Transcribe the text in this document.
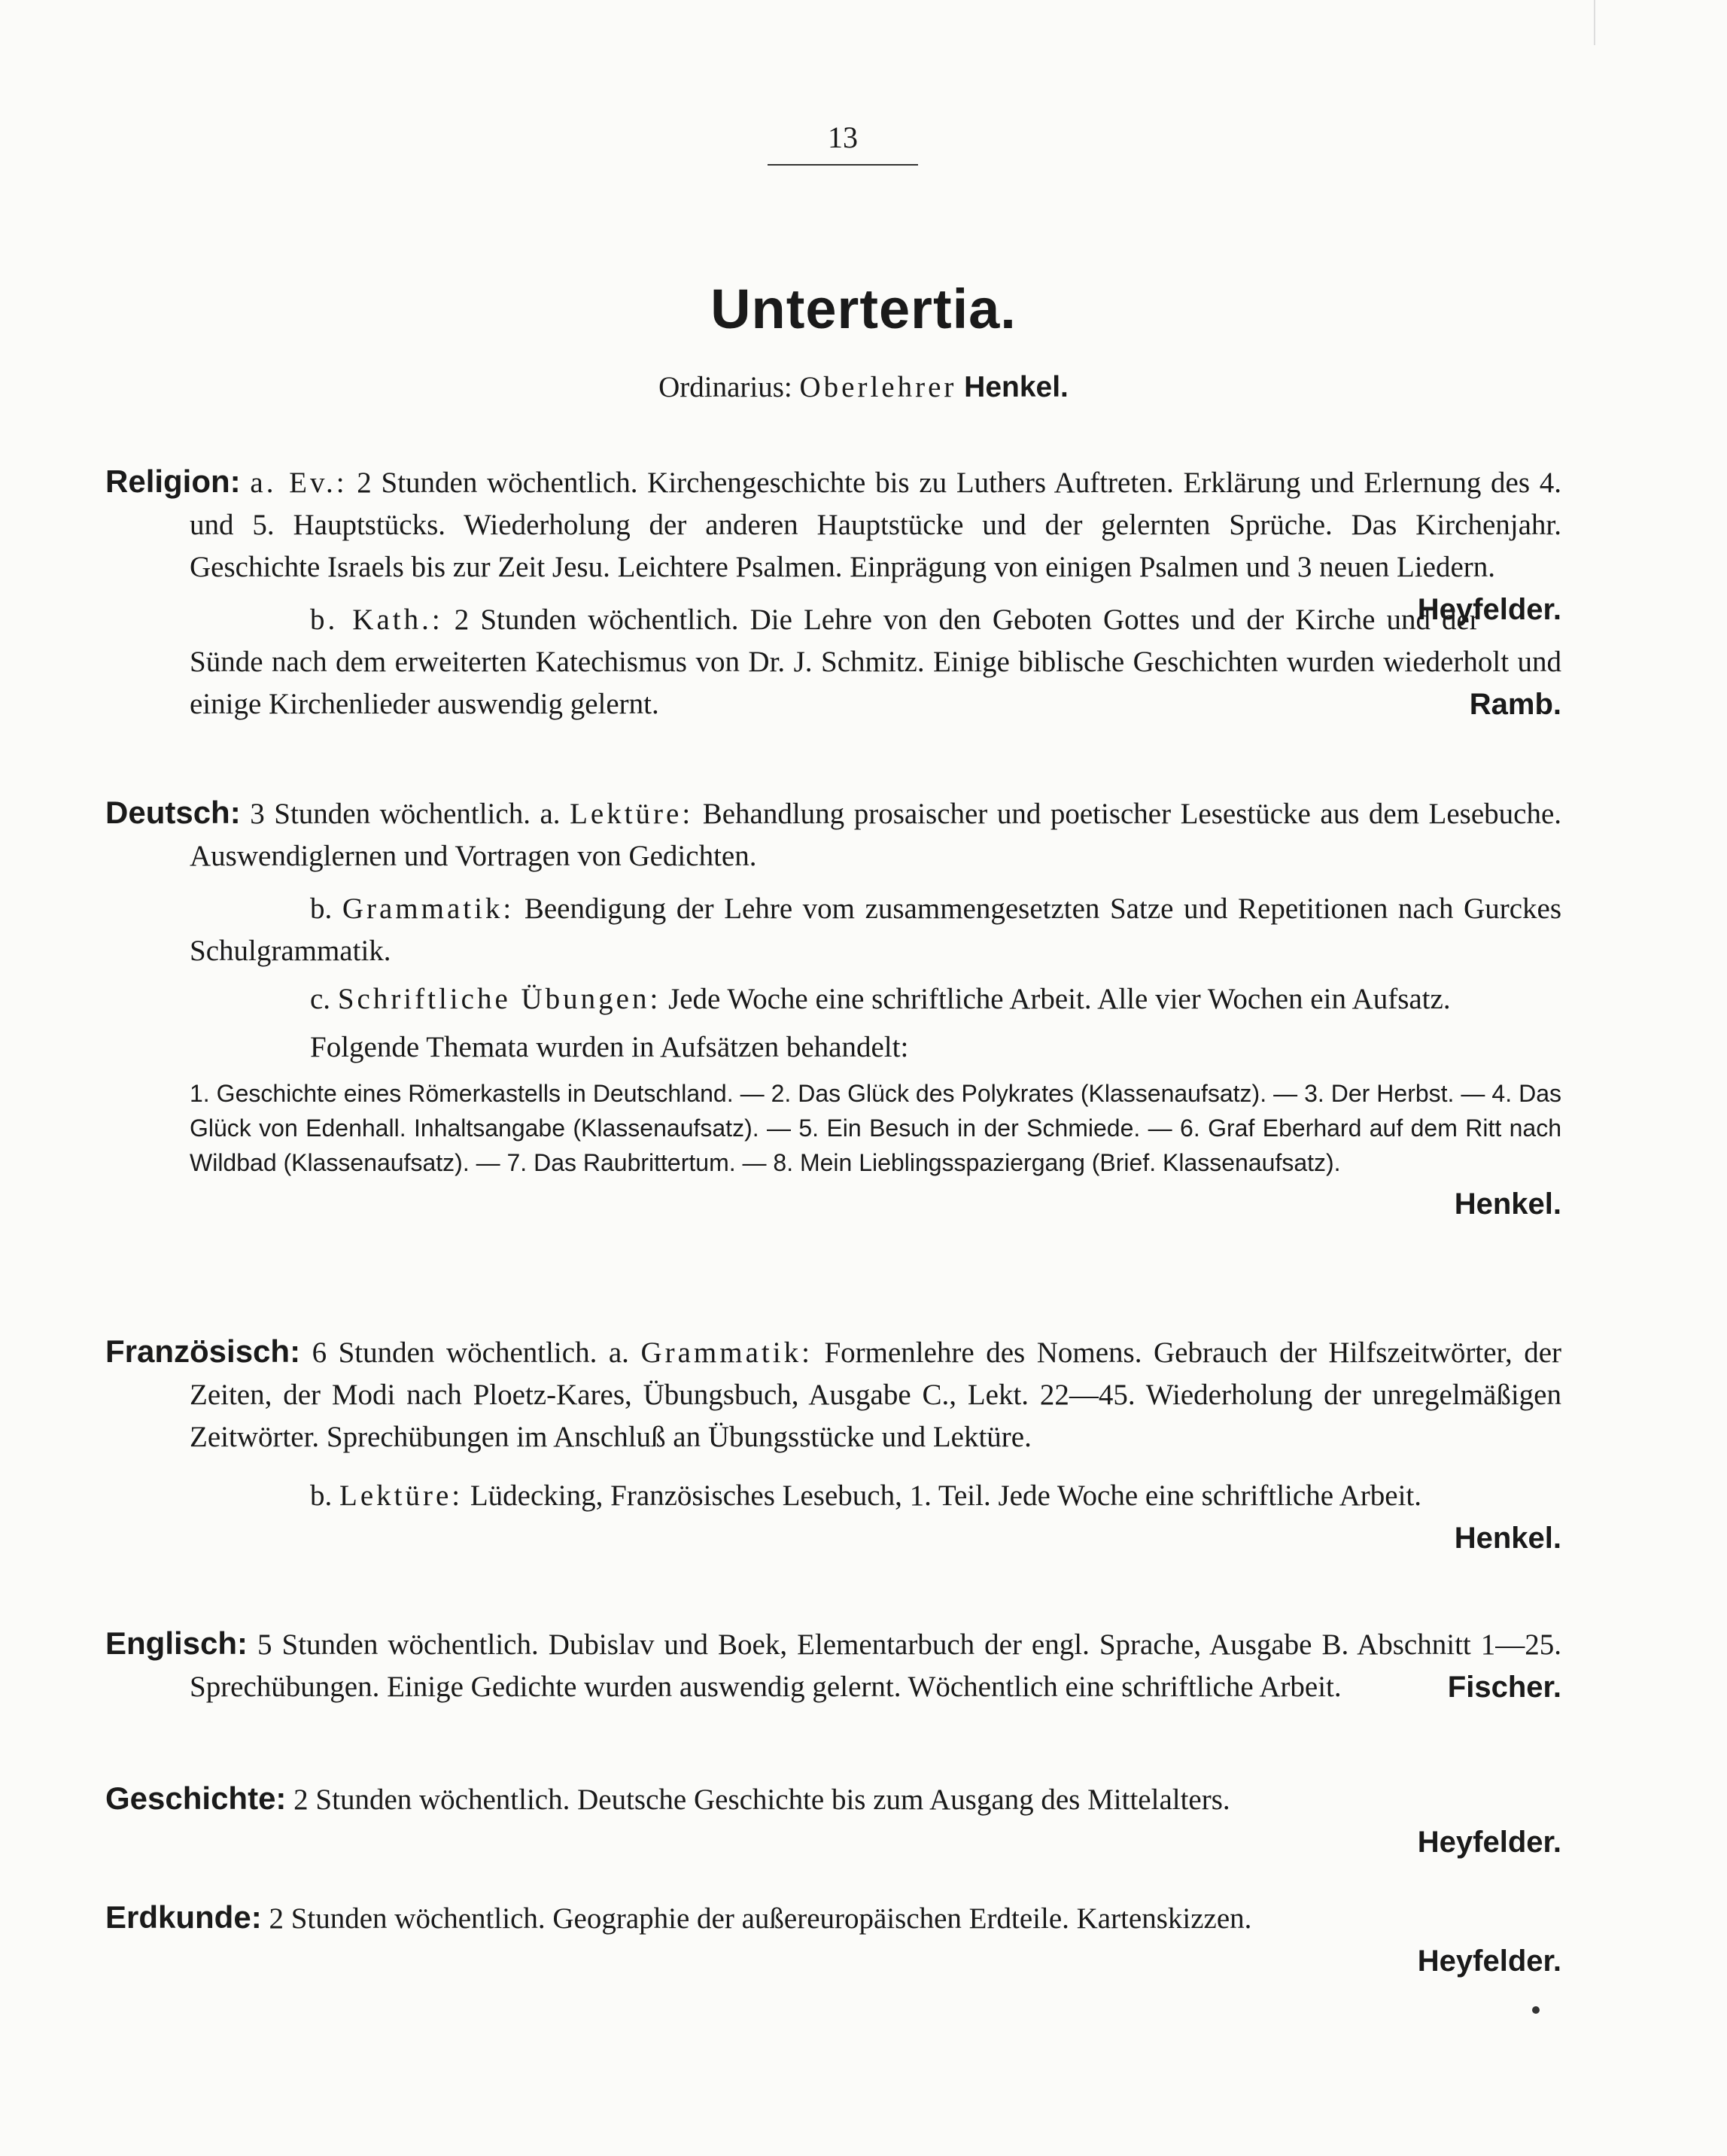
13
Untertertia.
Ordinarius: Oberlehrer Henkel.

Religion: a. Ev.: 2 Stunden wöchentlich. Kirchengeschichte bis zu Luthers Auftreten. Erklärung und Erlernung des 4. und 5. Hauptstücks. Wiederholung der anderen Hauptstücke und der gelernten Sprüche. Das Kirchenjahr. Geschichte Israels bis zur Zeit Jesu. Leichtere Psalmen. Einprägung von einigen Psalmen und 3 neuen Liedern.
Heyfelder.

b. Kath.: 2 Stunden wöchentlich. Die Lehre von den Geboten Gottes und der Kirche und der Sünde nach dem erweiterten Katechismus von Dr. J. Schmitz. Einige biblische Geschichten wurden wiederholt und einige Kirchenlieder auswendig gelernt.	Ramb.

Deutsch: 3 Stunden wöchentlich. a. Lektüre: Behandlung prosaischer und poetischer Lesestücke aus dem Lesebuche. Auswendiglernen und Vortragen von Gedichten.

b. Grammatik: Beendigung der Lehre vom zusammengesetzten Satze und Repetitionen nach Gurckes Schulgrammatik.

c. Schriftliche Übungen: Jede Woche eine schriftliche Arbeit. Alle vier Wochen ein Aufsatz.

Folgende Themata wurden in Aufsätzen behandelt:

1. Geschichte eines Römerkastells in Deutschland. — 2. Das Glück des Polykrates (Klassenaufsatz). — 3. Der Herbst. — 4. Das Glück von Edenhall. Inhaltsangabe (Klassenaufsatz). — 5. Ein Besuch in der Schmiede. — 6. Graf Eberhard auf dem Ritt nach Wildbad (Klassenaufsatz). — 7. Das Raubrittertum. — 8. Mein Lieblingsspaziergang (Brief. Klassenaufsatz).

Henkel.

Französisch: 6 Stunden wöchentlich. a. Grammatik: Formenlehre des Nomens. Gebrauch der Hilfszeitwörter, der Zeiten, der Modi nach Ploetz-Kares, Übungsbuch, Ausgabe C., Lekt. 22—45. Wiederholung der unregelmäßigen Zeitwörter. Sprechübungen im Anschluß an Übungsstücke und Lektüre.

b. Lektüre: Lüdecking, Französisches Lesebuch, 1. Teil. Jede Woche eine schriftliche Arbeit.
Henkel.

Englisch: 5 Stunden wöchentlich. Dubislav und Boek, Elementarbuch der engl. Sprache, Ausgabe B. Abschnitt 1—25. Sprechübungen. Einige Gedichte wurden auswendig gelernt. Wöchentlich eine schriftliche Arbeit.	Fischer.

Geschichte: 2 Stunden wöchentlich. Deutsche Geschichte bis zum Ausgang des Mittelalters.

Heyfelder.

Erdkunde: 2 Stunden wöchentlich. Geographie der außereuropäischen Erdteile. Kartenskizzen.

Heyfelder.
